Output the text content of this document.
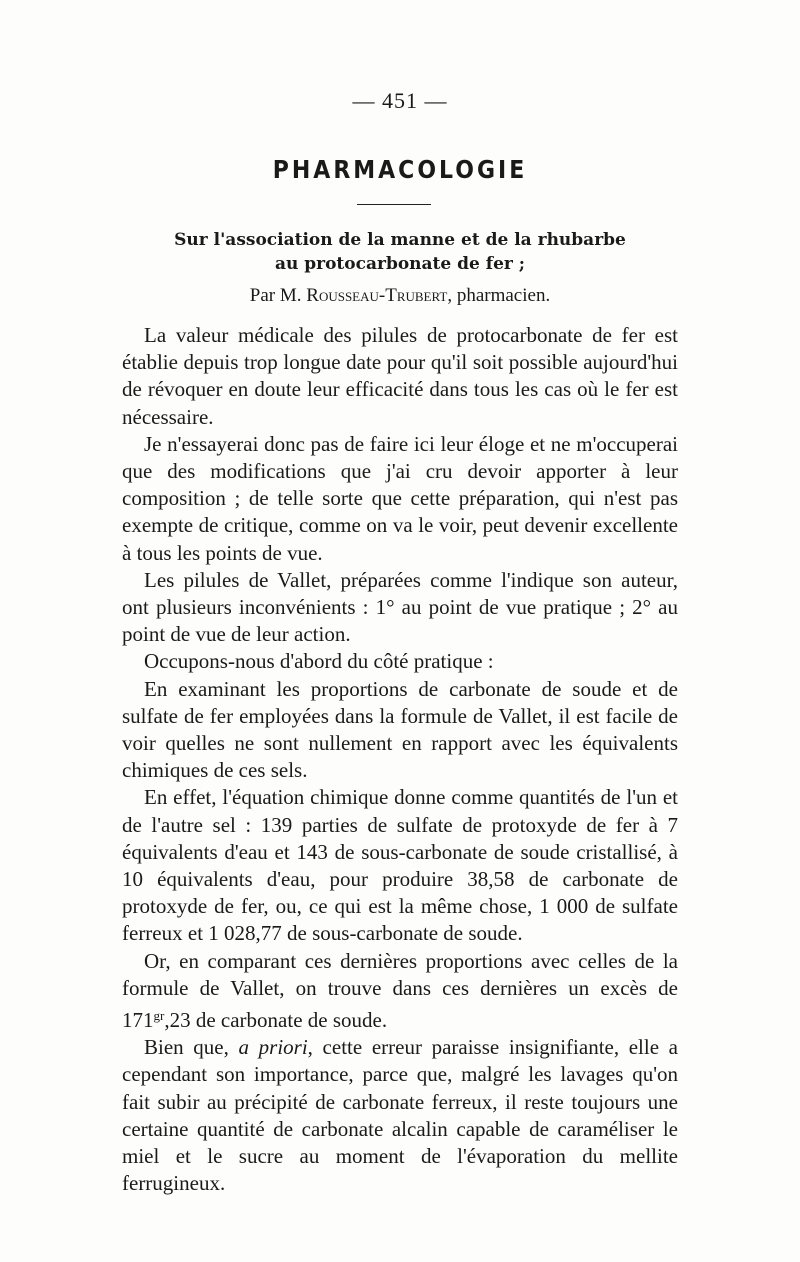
— 451 —
PHARMACOLOGIE
Sur l'association de la manne et de la rhubarbe
au protocarbonate de fer ;
Par M. Rousseau-Trubert, pharmacien.

La valeur médicale des pilules de protocarbonate de fer est établie depuis trop longue date pour qu'il soit possible aujourd'hui de révoquer en doute leur efficacité dans tous les cas où le fer est nécessaire.

Je n'essayerai donc pas de faire ici leur éloge et ne m'occuperai que des modifications que j'ai cru devoir apporter à leur composition ; de telle sorte que cette préparation, qui n'est pas exempte de critique, comme on va le voir, peut devenir excellente à tous les points de vue.

Les pilules de Vallet, préparées comme l'indique son auteur, ont plusieurs inconvénients : 1° au point de vue pratique ; 2° au point de vue de leur action.

Occupons-nous d'abord du côté pratique :

En examinant les proportions de carbonate de soude et de sulfate de fer employées dans la formule de Vallet, il est facile de voir quelles ne sont nullement en rapport avec les équivalents chimiques de ces sels.

En effet, l'équation chimique donne comme quantités de l'un et de l'autre sel : 139 parties de sulfate de protoxyde de fer à 7 équivalents d'eau et 143 de sous-carbonate de soude cristallisé, à 10 équivalents d'eau, pour produire 38,58 de carbonate de protoxyde de fer, ou, ce qui est la même chose, 1 000 de sulfate ferreux et 1 028,77 de sous-carbonate de soude.

Or, en comparant ces dernières proportions avec celles de la formule de Vallet, on trouve dans ces dernières un excès de $171^{gr},23$ de carbonate de soude.

Bien que, a priori, cette erreur paraisse insignifiante, elle a cependant son importance, parce que, malgré les lavages qu'on fait subir au précipité de carbonate ferreux, il reste toujours une certaine quantité de carbonate alcalin capable de caraméliser le miel et le sucre au moment de l'évaporation du mellite ferrugineux.
